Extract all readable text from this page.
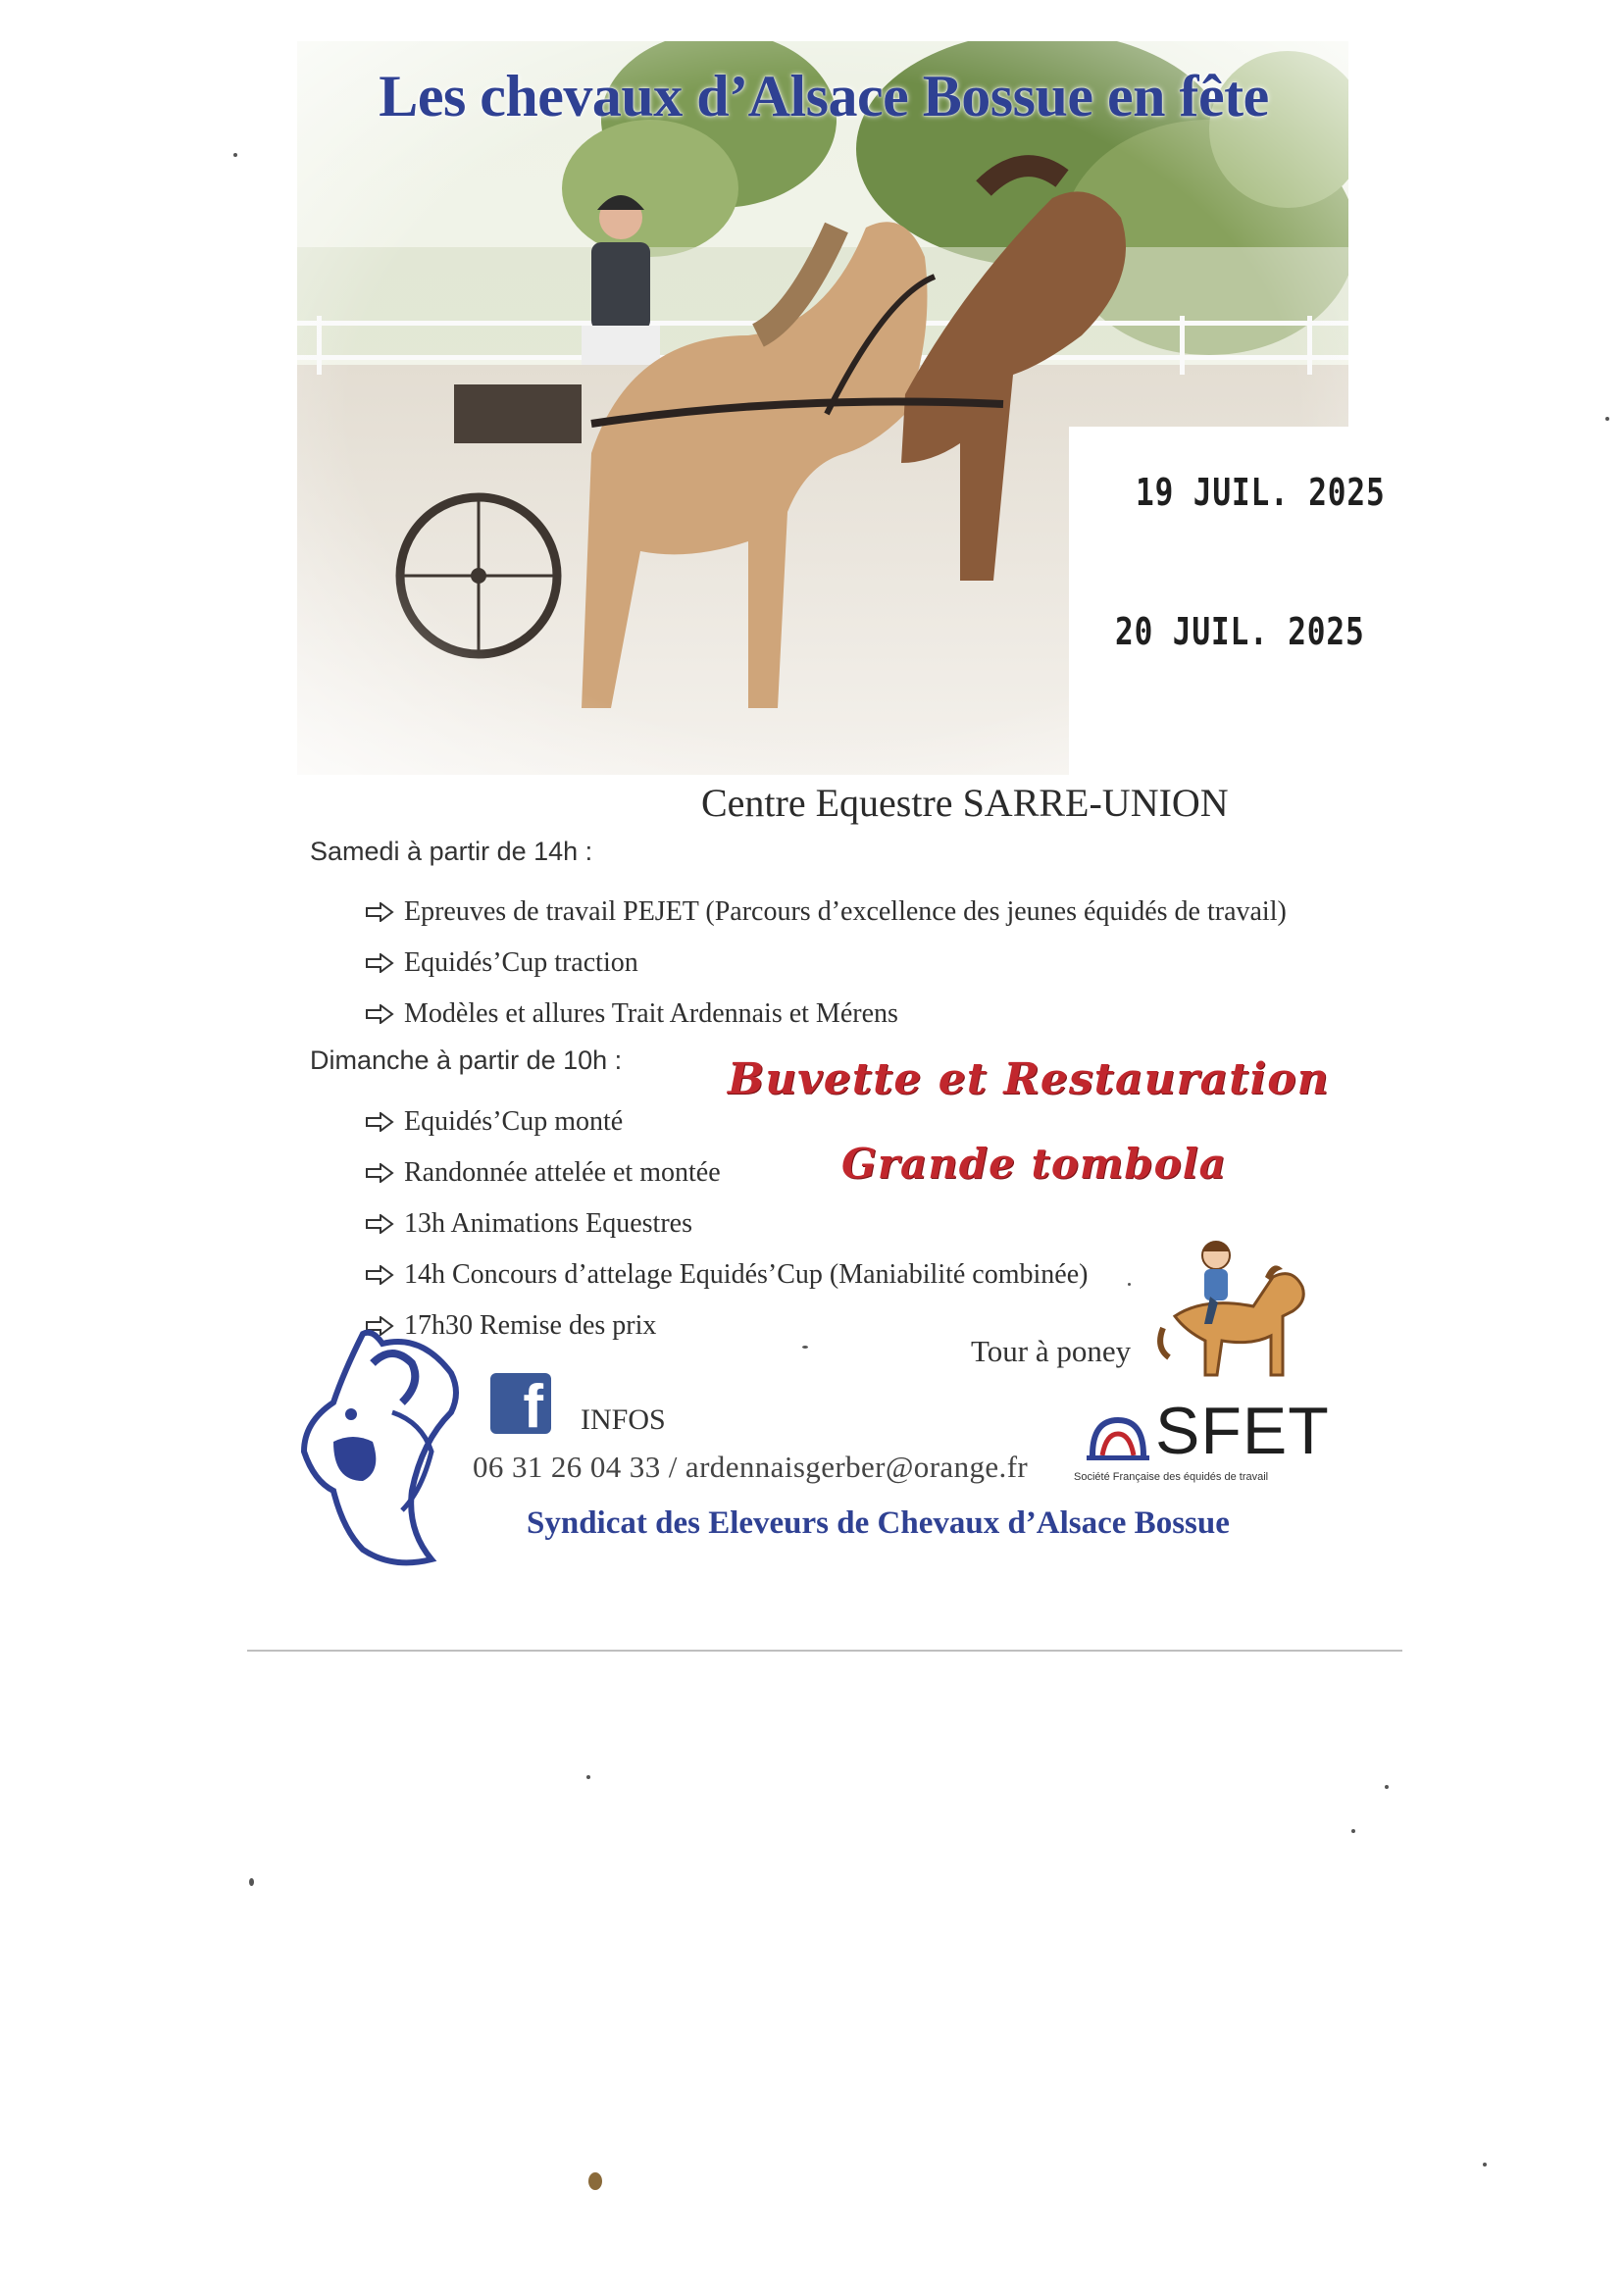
Les chevaux d’Alsace Bossue en fête
19 JUIL. 2025
20 JUIL. 2025
Centre Equestre SARRE-UNION
Samedi à partir de 14h :
Epreuves de travail PEJET (Parcours d’excellence des jeunes équidés de travail)
Equidés’Cup traction
Modèles et allures Trait Ardennais et Mérens
Dimanche à partir de 10h :
Equidés’Cup monté
Randonnée attelée et montée
13h Animations Equestres
14h Concours d’attelage Equidés’Cup (Maniabilité combinée)
17h30 Remise des prix
Buvette et Restauration
Grande tombola
Tour à poney
f INFOS
06 31 26 04 33 / ardennaisgerber@orange.fr
Syndicat des Eleveurs de Chevaux d’Alsace Bossue
SFET
Société Française des équidés de travail
